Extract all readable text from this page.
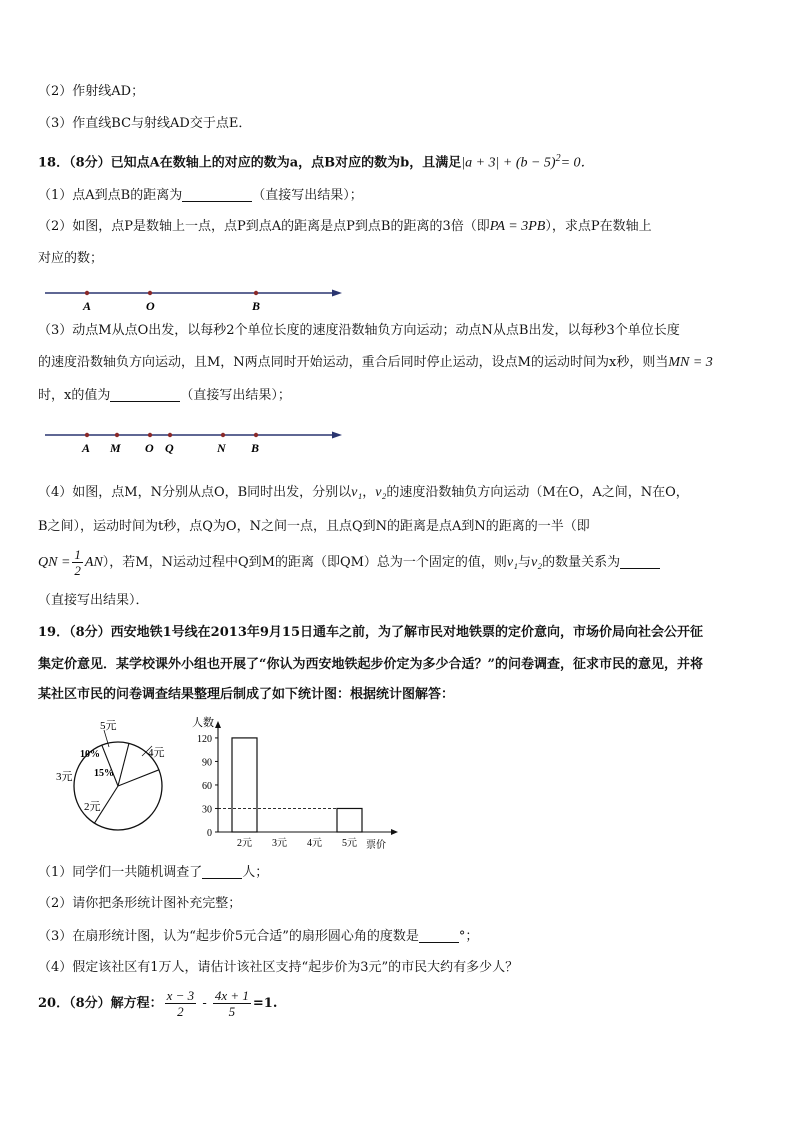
（2）作射线AD；
（3）作直线BC与射线AD交于点E．
18．（8分）已知点A在数轴上的对应的数为a，点B对应的数为b，且满足$|a + 3| + (b - 5)^2= 0$．
（1）点A到点B的距离为	（直接写出结果）；
（2）如图，点P是数轴上一点，点P到点A的距离是点P到点B的距离的3倍（即PA = 3PB），求点P在数轴上
对应的数；
A	O	B
（3）动点M从点O出发，以每秒2个单位长度的速度沿数轴负方向运动；动点N从点B出发，以每秒3个单位长度
的速度沿数轴负方向运动，且M，N两点同时开始运动，重合后同时停止运动，设点M的运动时间为x秒，则当MN = 3
时，x的值为	（直接写出结果）；
A M O Q	N B
（4）如图，点M，N分别从点O，B同时出发，分别以v₁，v₂的速度沿数轴负方向运动（M在O，A之间，N在O，
B之间），运动时间为t秒，点Q为O，N之间一点，且点Q到N的距离是点A到N的距离的一半（即
QN = $\frac{1}{2} AN$），若M，N运动过程中Q到M的距离（即QM）总为一个固定的值，则v₁与v₂的数量关系为
（直接写出结果）．
19．（8分）西安地铁1号线在2013年9月15日通车之前，为了解市民对地铁票的定价意向，市场价局向社会公开征
集定价意见．某学校课外小组也开展了“你认为西安地铁起步价定为多少合适？”的问卷调查，征求市民的意见，并将
某社区市民的问卷调查结果整理后制成了如下统计图：根据统计图解答：
5元
4元
3元
2元
10%
15%
人数
0
30
60
90
120
2元 3元 4元 5元 票价
（1）同学们一共随机调查了	人；
（2）请你把条形统计图补充完整；
（3）在扇形统计图，认为“起步价5元合适”的扇形圆心角的度数是	°；
（4）假定该社区有1万人，请估计该社区支持“起步价为3元”的市民大约有多少人？
20．（8分）解方程： $\frac{x - 3}{2} - \frac{4x + 1}{5} =1$.
